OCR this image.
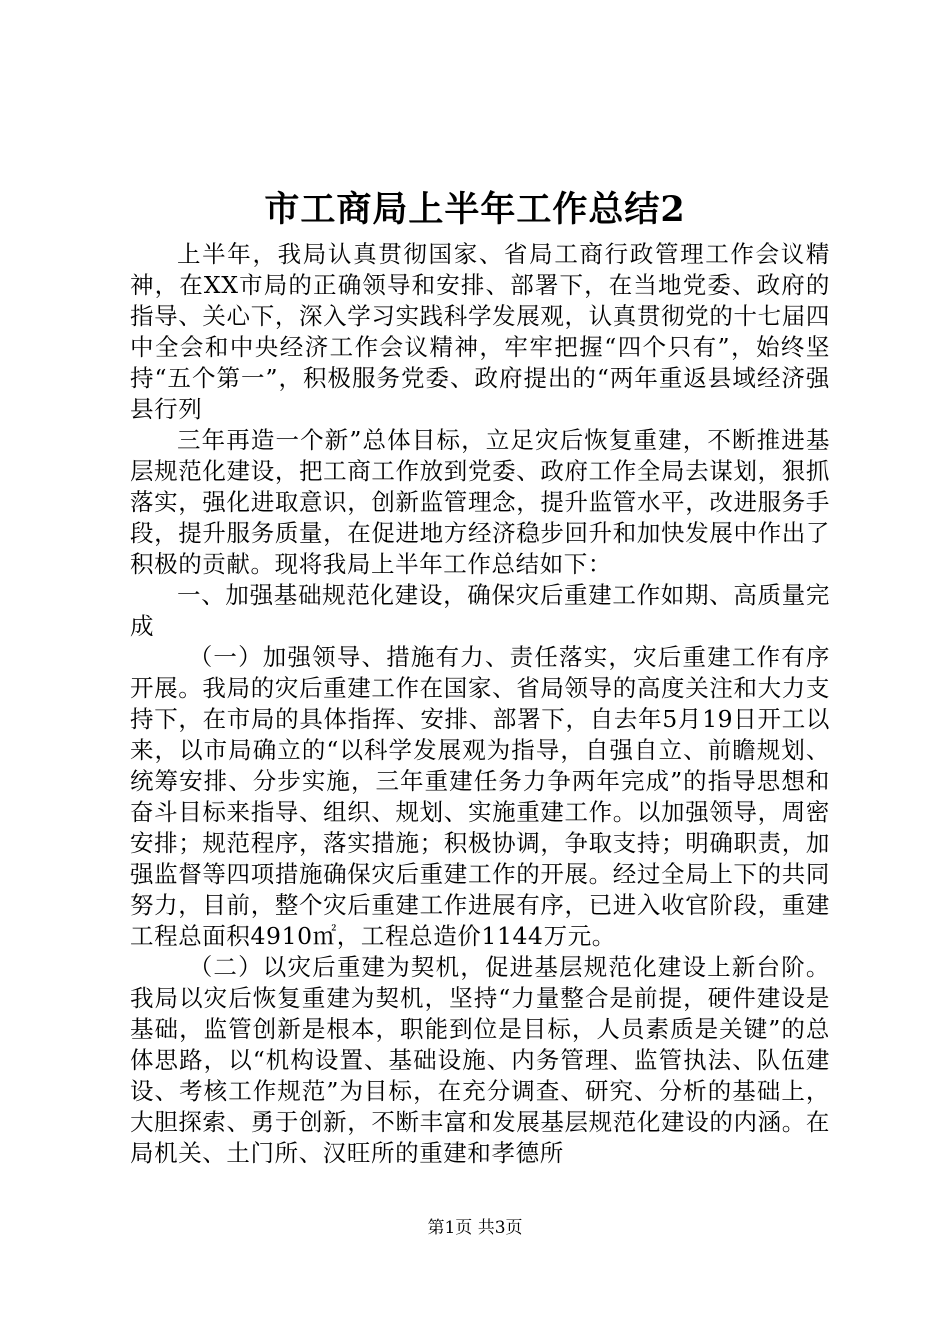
市工商局上半年工作总结2

上半年，我局认真贯彻国家、省局工商行政管理工作会议精神，在XX市局的正确领导和安排、部署下，在当地党委、政府的指导、关心下，深入学习实践科学发展观，认真贯彻党的十七届四中全会和中央经济工作会议精神，牢牢把握“四个只有”，始终坚持“五个第一”，积极服务党委、政府提出的“两年重返县域经济强县行列

三年再造一个新”总体目标，立足灾后恢复重建，不断推进基层规范化建设，把工商工作放到党委、政府工作全局去谋划，狠抓落实，强化进取意识，创新监管理念，提升监管水平，改进服务手段，提升服务质量，在促进地方经济稳步回升和加快发展中作出了积极的贡献。现将我局上半年工作总结如下：

一、加强基础规范化建设，确保灾后重建工作如期、高质量完成

（一）加强领导、措施有力、责任落实，灾后重建工作有序开展。我局的灾后重建工作在国家、省局领导的高度关注和大力支持下，在市局的具体指挥、安排、部署下，自去年5月19日开工以来，以市局确立的“以科学发展观为指导，自强自立、前瞻规划、统筹安排、分步实施，三年重建任务力争两年完成”的指导思想和奋斗目标来指导、组织、规划、实施重建工作。以加强领导，周密安排；规范程序，落实措施；积极协调，争取支持；明确职责，加强监督等四项措施确保灾后重建工作的开展。经过全局上下的共同努力，目前，整个灾后重建工作进展有序，已进入收官阶段，重建工程总面积4910㎡，工程总造价1144万元。

（二）以灾后重建为契机，促进基层规范化建设上新台阶。我局以灾后恢复重建为契机，坚持“力量整合是前提，硬件建设是基础，监管创新是根本，职能到位是目标，人员素质是关键”的总体思路，以“机构设置、基础设施、内务管理、监管执法、队伍建设、考核工作规范”为目标，在充分调查、研究、分析的基础上，大胆探索、勇于创新，不断丰富和发展基层规范化建设的内涵。在局机关、土门所、汉旺所的重建和孝德所

第1页 共3页
